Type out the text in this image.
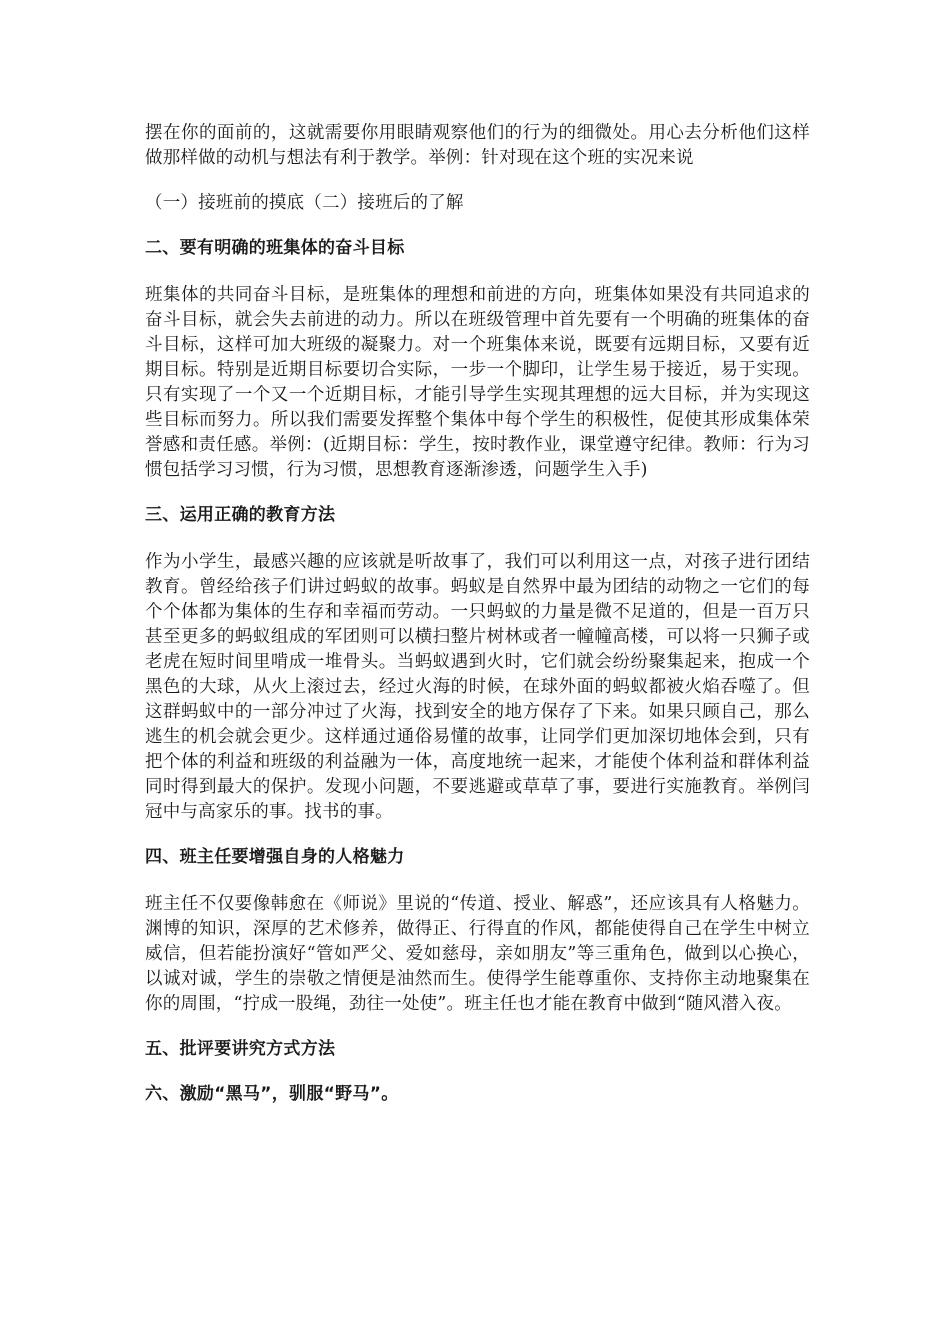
摆在你的面前的，这就需要你用眼睛观察他们的行为的细微处。用心去分析他们这样做那样做的动机与想法有利于教学。举例：针对现在这个班的实况来说

（一）接班前的摸底（二）接班后的了解

二、要有明确的班集体的奋斗目标

班集体的共同奋斗目标，是班集体的理想和前进的方向，班集体如果没有共同追求的奋斗目标，就会失去前进的动力。所以在班级管理中首先要有一个明确的班集体的奋斗目标，这样可加大班级的凝聚力。对一个班集体来说，既要有远期目标，又要有近期目标。特别是近期目标要切合实际，一步一个脚印，让学生易于接近，易于实现。只有实现了一个又一个近期目标，才能引导学生实现其理想的远大目标，并为实现这些目标而努力。所以我们需要发挥整个集体中每个学生的积极性，促使其形成集体荣誉感和责任感。举例：(近期目标：学生，按时教作业，课堂遵守纪律。教师：行为习惯包括学习习惯，行为习惯，思想教育逐渐渗透，问题学生入手)

三、运用正确的教育方法

作为小学生，最感兴趣的应该就是听故事了，我们可以利用这一点，对孩子进行团结教育。曾经给孩子们讲过蚂蚁的故事。蚂蚁是自然界中最为团结的动物之一它们的每个个体都为集体的生存和幸福而劳动。一只蚂蚁的力量是微不足道的，但是一百万只甚至更多的蚂蚁组成的军团则可以横扫整片树林或者一幢幢高楼，可以将一只狮子或老虎在短时间里啃成一堆骨头。当蚂蚁遇到火时，它们就会纷纷聚集起来，抱成一个黑色的大球，从火上滚过去，经过火海的时候，在球外面的蚂蚁都被火焰吞噬了。但这群蚂蚁中的一部分冲过了火海，找到安全的地方保存了下来。如果只顾自己，那么逃生的机会就会更少。这样通过通俗易懂的故事，让同学们更加深切地体会到，只有把个体的利益和班级的利益融为一体，高度地统一起来，才能使个体利益和群体利益同时得到最大的保护。发现小问题，不要逃避或草草了事，要进行实施教育。举例闫冠中与高家乐的事。找书的事。

四、班主任要增强自身的人格魅力

班主任不仅要像韩愈在《师说》里说的“传道、授业、解惑”，还应该具有人格魅力。渊博的知识，深厚的艺术修养，做得正、行得直的作风，都能使得自己在学生中树立威信，但若能扮演好“管如严父、爱如慈母，亲如朋友”等三重角色，做到以心换心，以诚对诚，学生的崇敬之情便是油然而生。使得学生能尊重你、支持你主动地聚集在你的周围，“拧成一股绳，劲往一处使”。班主任也才能在教育中做到“随风潜入夜。

五、批评要讲究方式方法
六、激励“黑马”，驯服“野马”。
